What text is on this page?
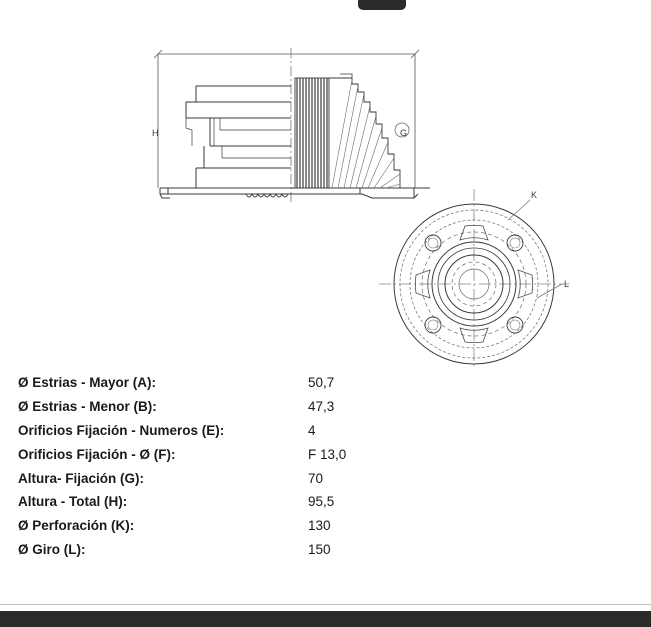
H	G
K
L
Ø Estrias - Mayor (A):	50,7
Ø Estrias - Menor (B):	47,3
Orificios Fijación - Numeros (E):	4
Orificios Fijación - Ø (F):	F 13,0
Altura- Fijación (G):	70
Altura - Total (H):	95,5
Ø Perforación (K):	130
Ø Giro (L):	150
